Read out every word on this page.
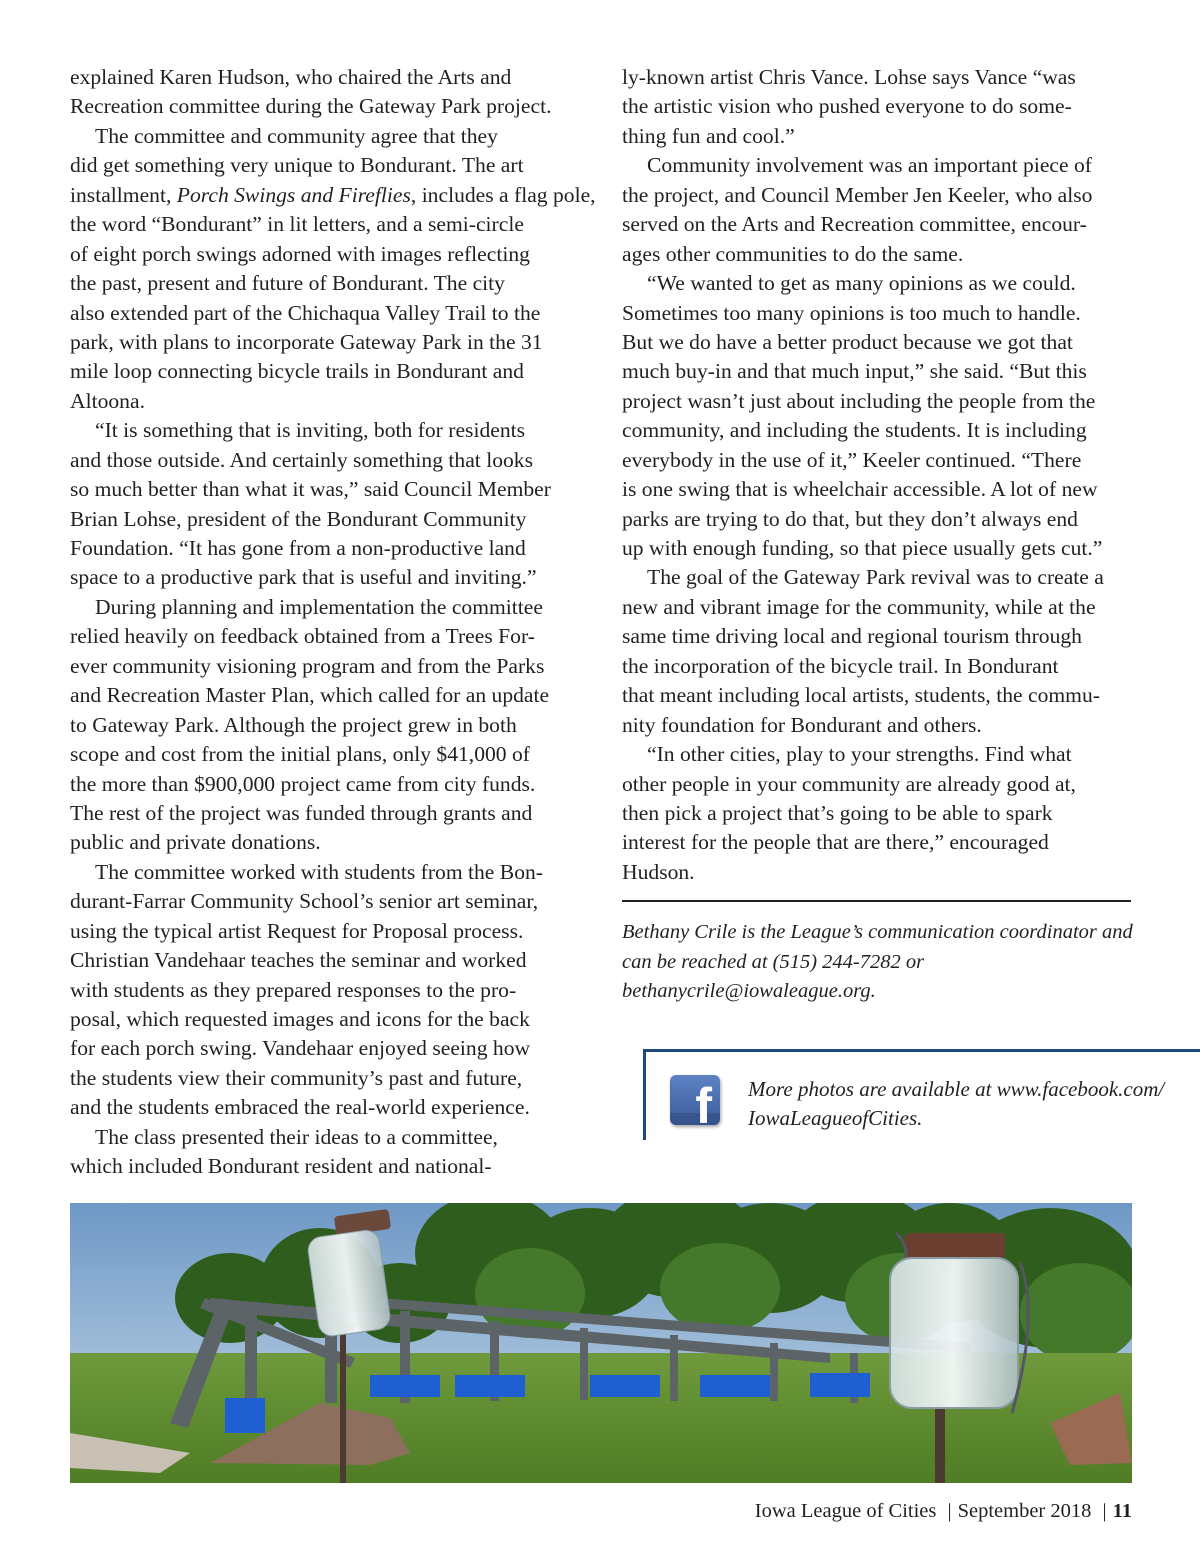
explained Karen Hudson, who chaired the Arts and
Recreation committee during the Gateway Park project.
The committee and community agree that they
did get something very unique to Bondurant. The art
installment, Porch Swings and Fireflies, includes a flag pole,
the word “Bondurant” in lit letters, and a semi-circle
of eight porch swings adorned with images reflecting
the past, present and future of Bondurant. The city
also extended part of the Chichaqua Valley Trail to the
park, with plans to incorporate Gateway Park in the 31
mile loop connecting bicycle trails in Bondurant and
Altoona.
“It is something that is inviting, both for residents
and those outside. And certainly something that looks
so much better than what it was,” said Council Member
Brian Lohse, president of the Bondurant Community
Foundation. “It has gone from a non-productive land
space to a productive park that is useful and inviting.”
During planning and implementation the committee
relied heavily on feedback obtained from a Trees For-
ever community visioning program and from the Parks
and Recreation Master Plan, which called for an update
to Gateway Park. Although the project grew in both
scope and cost from the initial plans, only $41,000 of
the more than $900,000 project came from city funds.
The rest of the project was funded through grants and
public and private donations.
The committee worked with students from the Bon-
durant-Farrar Community School’s senior art seminar,
using the typical artist Request for Proposal process.
Christian Vandehaar teaches the seminar and worked
with students as they prepared responses to the pro-
posal, which requested images and icons for the back
for each porch swing. Vandehaar enjoyed seeing how
the students view their community’s past and future,
and the students embraced the real-world experience.
The class presented their ideas to a committee,
which included Bondurant resident and national-
ly-known artist Chris Vance. Lohse says Vance “was
the artistic vision who pushed everyone to do some-
thing fun and cool.”
Community involvement was an important piece of
the project, and Council Member Jen Keeler, who also
served on the Arts and Recreation committee, encour-
ages other communities to do the same.
“We wanted to get as many opinions as we could.
Sometimes too many opinions is too much to handle.
But we do have a better product because we got that
much buy-in and that much input,” she said. “But this
project wasn’t just about including the people from the
community, and including the students. It is including
everybody in the use of it,” Keeler continued. “There
is one swing that is wheelchair accessible. A lot of new
parks are trying to do that, but they don’t always end
up with enough funding, so that piece usually gets cut.”
The goal of the Gateway Park revival was to create a
new and vibrant image for the community, while at the
same time driving local and regional tourism through
the incorporation of the bicycle trail. In Bondurant
that meant including local artists, students, the commu-
nity foundation for Bondurant and others.
“In other cities, play to your strengths. Find what
other people in your community are already good at,
then pick a project that’s going to be able to spark
interest for the people that are there,” encouraged
Hudson.
Bethany Crile is the League’s communication coordinator and
can be reached at (515) 244-7282 or
bethanycrile@iowaleague.org.
f More photos are available at www.facebook.com/
IowaLeagueofCities.
Iowa League of Cities | September 2018 | 11
